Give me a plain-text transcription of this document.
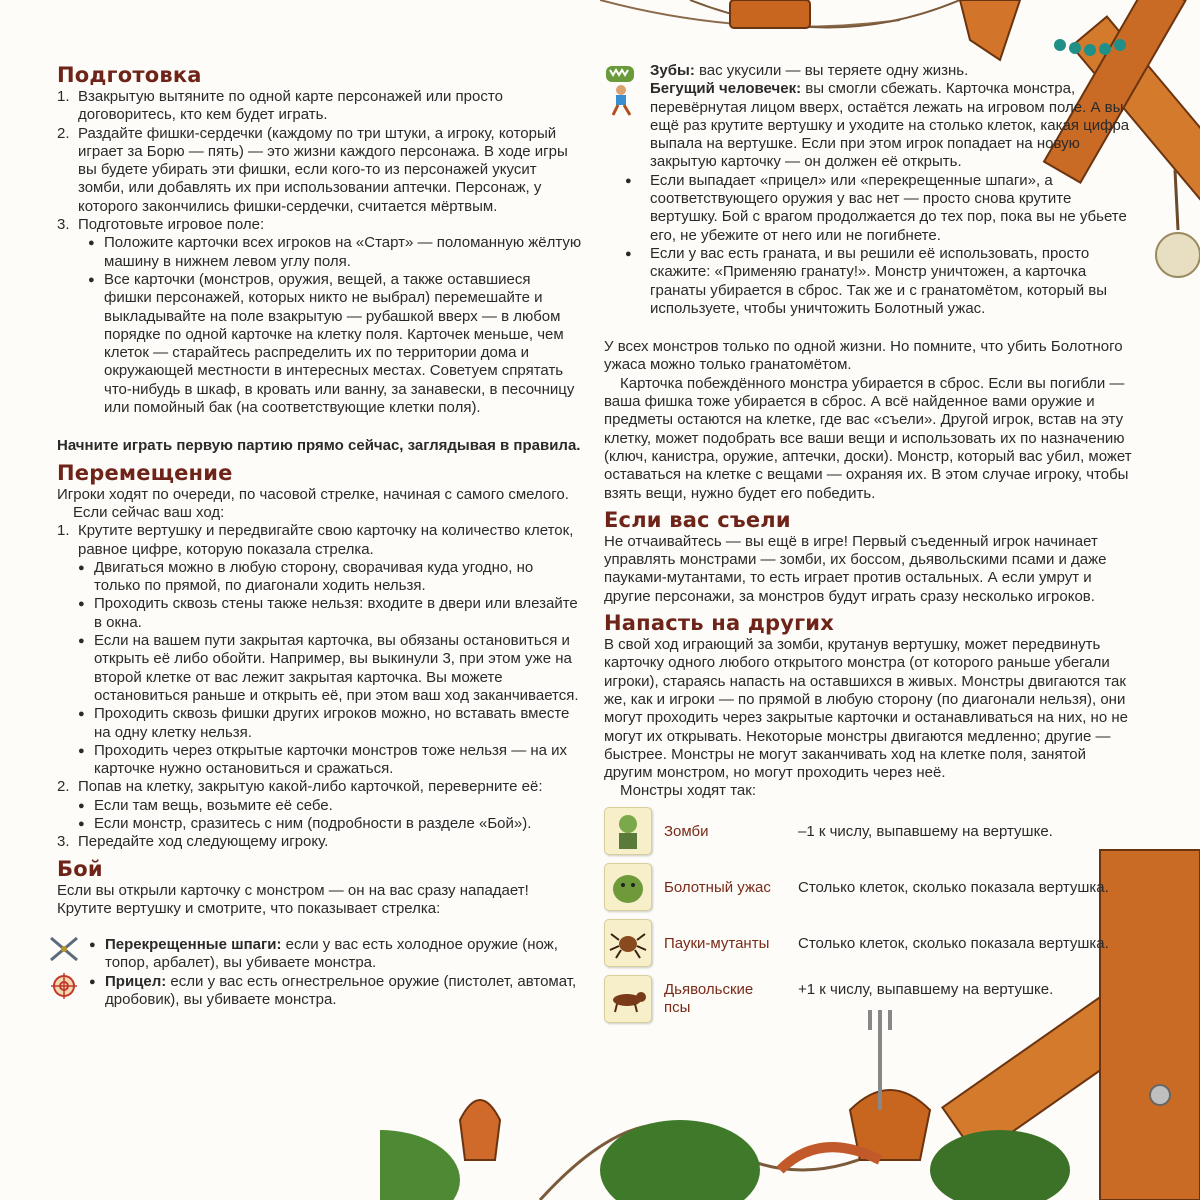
Подготовка

1. Взакрытую вытяните по одной карте персонажей или просто договоритесь, кто кем будет играть.

2. Раздайте фишки-сердечки (каждому по три штуки, а игроку, который играет за Борю — пять) — это жизни каждого персонажа. В ходе игры вы будете убирать эти фишки, если кого-то из персонажей укусит зомби, или добавлять их при использовании аптечки. Персонаж, у которого закончились фишки-сердечки, считается мёртвым.

3. Подготовьте игровое поле:

● Положите карточки всех игроков на «Старт» — поломанную жёлтую машину в нижнем левом углу поля.

● Все карточки (монстров, оружия, вещей, а также оставшиеся фишки персонажей, которых никто не выбрал) перемешайте и выкладывайте на поле взакрытую — рубашкой вверх — в любом порядке по одной карточке на клетку поля. Карточек меньше, чем клеток — старайтесь распределить их по территории дома и окружающей местности в интересных местах. Советуем спрятать что-нибудь в шкаф, в кровать или ванну, за занавески, в песочницу или помойный бак (на соответствующие клетки поля).

Начните играть первую партию прямо сейчас, заглядывая в правила.

Перемещение

Игроки ходят по очереди, по часовой стрелке, начиная с самого смелого.

Если сейчас ваш ход:

1. Крутите вертушку и передвигайте свою карточку на количество клеток, равное цифре, которую показала стрелка.

● Двигаться можно в любую сторону, сворачивая куда угодно, но только по прямой, по диагонали ходить нельзя.

● Проходить сквозь стены также нельзя: входите в двери или влезайте в окна.

● Если на вашем пути закрытая карточка, вы обязаны остановиться и открыть её либо обойти. Например, вы выкинули 3, при этом уже на второй клетке от вас лежит закрытая карточка. Вы можете остановиться раньше и открыть её, при этом ваш ход заканчивается.

● Проходить сквозь фишки других игроков можно, но вставать вместе на одну клетку нельзя.

● Проходить через открытые карточки монстров тоже нельзя — на их карточке нужно остановиться и сражаться.

2. Попав на клетку, закрытую какой-либо карточкой, переверните её:

● Если там вещь, возьмите её себе.

● Если монстр, сразитесь с ним (подробности в разделе «Бой»).

3. Передайте ход следующему игроку.

Бой

Если вы открыли карточку с монстром — он на вас сразу нападает! Крутите вертушку и смотрите, что показывает стрелка:

● Перекрещенные шпаги: если у вас есть холодное оружие (нож, топор, арбалет), вы убиваете монстра.

● Прицел: если у вас есть огнестрельное оружие (пистолет, автомат, дробовик), вы убиваете монстра.

Зубы: вас укусили — вы теряете одну жизнь.

Бегущий человечек: вы смогли сбежать. Карточка монстра, перевёрнутая лицом вверх, остаётся лежать на игровом поле. А вы ещё раз крутите вертушку и уходите на столько клеток, какая цифра выпала на вертушке. Если при этом игрок попадает на новую закрытую карточку — он должен её открыть.

● Если выпадает «прицел» или «перекрещенные шпаги», а соответствующего оружия у вас нет — просто снова крутите вертушку. Бой с врагом продолжается до тех пор, пока вы не убьете его, не убежите от него или не погибнете.

● Если у вас есть граната, и вы решили её использовать, просто скажите: «Применяю гранату!». Монстр уничтожен, а карточка гранаты убирается в сброс. Так же и с гранатомётом, который вы используете, чтобы уничтожить Болотный ужас.

У всех монстров только по одной жизни. Но помните, что убить Болотного ужаса можно только гранатомётом.

Карточка побеждённого монстра убирается в сброс. Если вы погибли — ваша фишка тоже убирается в сброс. А всё найденное вами оружие и предметы остаются на клетке, где вас «съели». Другой игрок, встав на эту клетку, может подобрать все ваши вещи и использовать их по назначению (ключ, канистра, оружие, аптечки, доски). Монстр, который вас убил, может оставаться на клетке с вещами — охраняя их. В этом случае игроку, чтобы взять вещи, нужно будет его победить.

Если вас съели

Не отчаивайтесь — вы ещё в игре! Первый съеденный игрок начинает управлять монстрами — зомби, их боссом, дьявольскими псами и даже пауками-мутантами, то есть играет против остальных. А если умрут и другие персонажи, за монстров будут играть сразу несколько игроков.

Напасть на других

В свой ход играющий за зомби, крутанув вертушку, может передвинуть карточку одного любого открытого монстра (от которого раньше убегали игроки), стараясь напасть на оставшихся в живых. Монстры двигаются так же, как и игроки — по прямой в любую сторону (по диагонали нельзя), они могут проходить через закрытые карточки и останавливаться на них, но не могут их открывать. Некоторые монстры двигаются медленно; другие — быстрее. Монстры не могут заканчивать ход на клетке поля, занятой другим монстром, но могут проходить через неё.

Монстры ходят так:

Зомби	–1 к числу, выпавшему на вертушке.
Болотный ужас Столько клеток, сколько показала вертушка.
Пауки-мутанты Столько клеток, сколько показала вертушка.
Дьявольские псы
+1 к числу, выпавшему на вертушке.
